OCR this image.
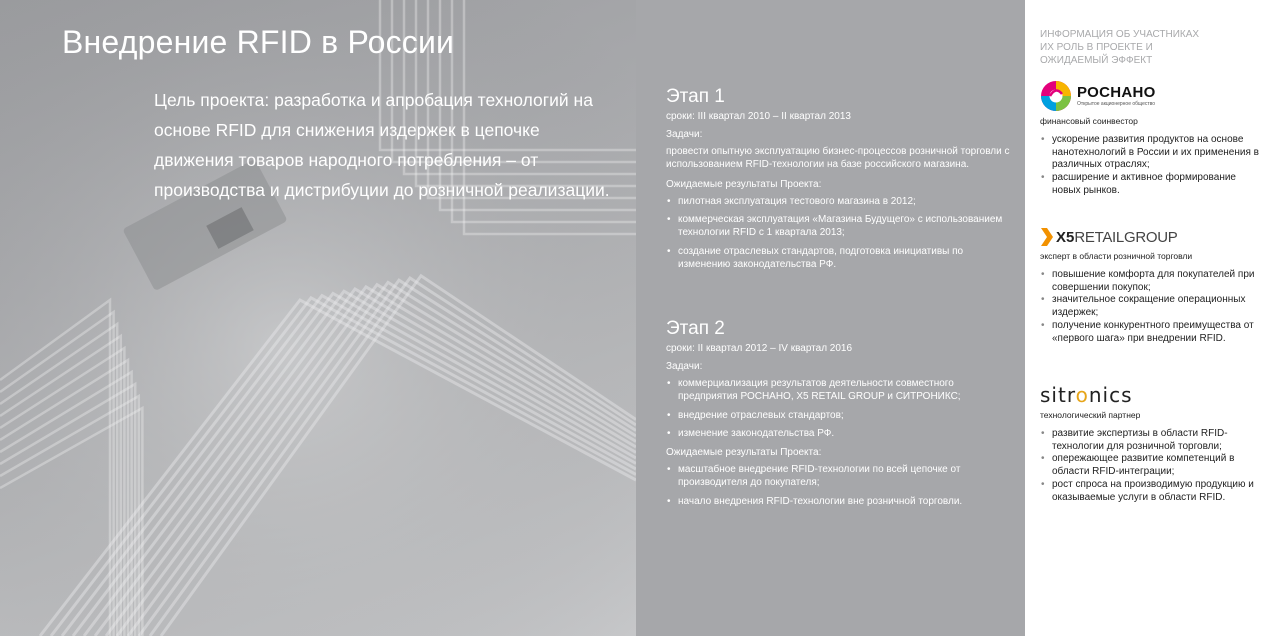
Внедрение RFID в России
Цель проекта: разработка и апробация технологий на основе RFID для снижения издержек в цепочке движения товаров народного потребления – от производства и дистрибуции до розничной реализации.
Этап 1
сроки: III квартал 2010 – II квартал 2013
Задачи:
провести опытную эксплуатацию бизнес-процессов розничной торговли с использованием RFID-технологии на базе российского магазина.
Ожидаемые результаты Проекта:
• пилотная эксплуатация тестового магазина в 2012;
• коммерческая эксплуатация «Магазина Будущего» с использованием технологии RFID с 1 квартала 2013;
• создание отраслевых стандартов, подготовка инициативы по изменению законодательства РФ.
Этап 2
сроки: II квартал 2012 – IV квартал 2016
Задачи:
• коммерциализация результатов деятельности совместного предприятия РОСНАНО, X5 RETAIL GROUP и СИТРОНИКС;
• внедрение отраслевых стандартов;
• изменение законодательства РФ.
Ожидаемые результаты Проекта:
• масштабное внедрение RFID-технологии по всей цепочке от производителя до покупателя;
• начало внедрения RFID-технологии вне розничной торговли.
ИНФОРМАЦИЯ ОБ УЧАСТНИКАХ ИХ РОЛЬ В ПРОЕКТЕ И ОЖИДАЕМЫЙ ЭФФЕКТ
РОСНАНО
Открытое акционерное общество
финансовый соинвестор
• ускорение развития продуктов на основе нанотехнологий в России и их применения в различных отраслях;
• расширение и активное формирование новых рынков.
X5 RETAILGROUP
эксперт в области розничной торговли
• повышение комфорта для покупателей при совершении покупок;
• значительное сокращение операционных издержек;
• получение конкурентного преимущества от «первого шага» при внедрении RFID.
sitronics
технологический партнер
• развитие экспертизы в области RFID-технологии для розничной торговли;
• опережающее развитие компетенций в области RFID-интеграции;
• рост спроса на производимую продукцию и оказываемые услуги в области RFID.
